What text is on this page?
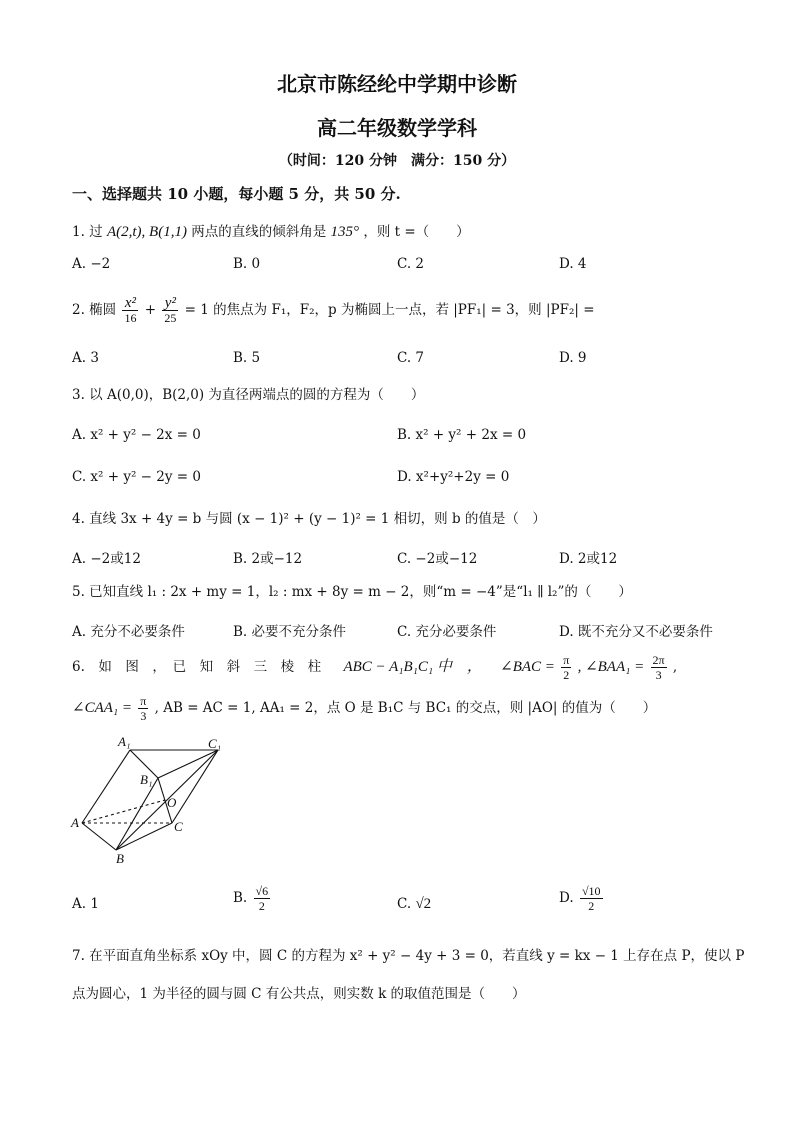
北京市陈经纶中学期中诊断
高二年级数学学科
（时间：120 分钟　满分：150 分）
一、选择题共 10 小题，每小题 5 分，共 50 分.
1. 过 A(2,t), B(1,1) 两点的直线的倾斜角是 135° ，则 t =（　　）
A. −2	B. 0	C. 2	D. 4
2. 椭圆 $\frac{\text{x²}}{16} + \frac{\text{y²}}{25} = 1$ 的焦点为 F₁，F₂，p 为椭圆上一点，若 |PF₁| = 3，则 |PF₂| =
A. 3	B. 5	C. 7	D. 9
3. 以 A(0,0)，B(2,0) 为直径两端点的圆的方程为（　　）
A. x² + y² − 2x = 0	B. x² + y² + 2x = 0
C. x² + y² − 2y = 0	D. x²+y²+2y = 0
4. 直线 3x + 4y = b 与圆 (x − 1)² + (y − 1)² = 1 相切，则 b 的值是（　）
A. −2或12	B. 2或−12	C. −2或−12	D. 2或12
5. 已知直线 l₁ : 2x + my = 1，l₂ : mx + 8y = m − 2，则“m = −4”是“l₁ ∥ l₂”的（　　）
A. 充分不必要条件	B. 必要不充分条件	C. 充分必要条件	D. 既不充分又不必要条件
6.　如　图　，　已　知　斜　三　棱　柱 ABC − A₁B₁C₁ 中　， ∠BAC = $\frac{\pi}{2}$ , ∠BAA₁ = $\frac{2\pi}{3}$ ,
∠CAA₁ = $\frac{\pi}{3}$ , AB = AC = 1, AA₁ = 2，点 O 是 B₁C 与 BC₁ 的交点，则 |AO| 的值为（　　）
A₁	C₁
B₁
O
A	C
B
A. 1	B. $\frac{√6}{2}$	C. √2	D. $\frac{√10}{2}$
7. 在平面直角坐标系 xOy 中，圆 C 的方程为 x² + y² − 4y + 3 = 0，若直线 y = kx − 1 上存在点 P，使以 P
点为圆心，1 为半径的圆与圆 C 有公共点，则实数 k 的取值范围是（　　）
